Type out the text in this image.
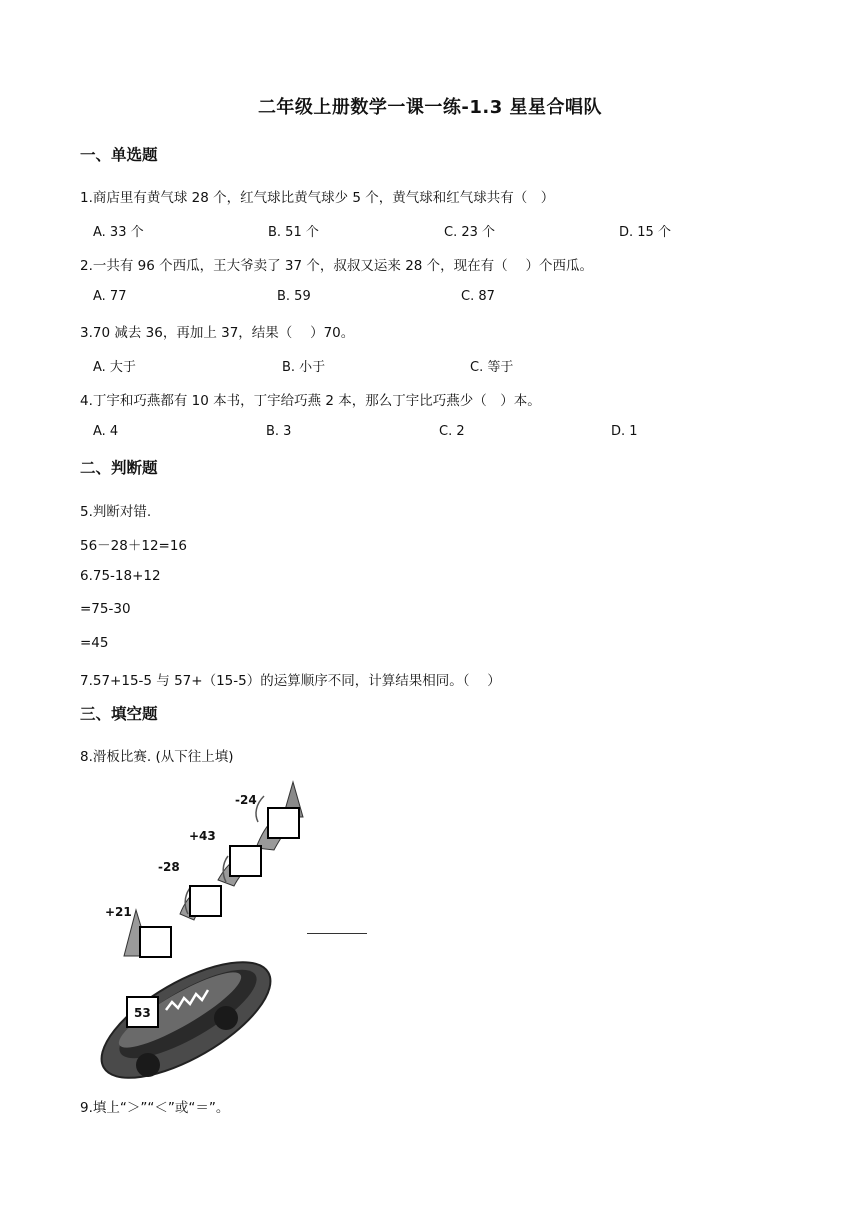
二年级上册数学一课一练-1.3 星星合唱队
一、单选题
1.商店里有黄气球 28 个，红气球比黄气球少 5 个，黄气球和红气球共有（　）
A. 33 个	B. 51 个	C. 23 个	D. 15 个
2.一共有 96 个西瓜，王大爷卖了 37 个，叔叔又运来 28 个，现在有（　 ）个西瓜。
A. 77	B. 59	C. 87
3.70 减去 36，再加上 37，结果（　 ）70。
A. 大于	B. 小于	C. 等于
4.丁宇和巧燕都有 10 本书，丁宇给巧燕 2 本，那么丁宇比巧燕少（　）本。
A. 4	B. 3	C. 2	D. 1
二、判断题
5.判断对错.
56－28＋12=16
6.75-18+12
=75-30
=45
7.57+15-5 与 57+（15-5）的运算顺序不同，计算结果相同。（　 ）
三、填空题
8.滑板比赛. (从下往上填)
53
+21
-28
+43
-24
9.填上“＞”“＜”或“＝”。
